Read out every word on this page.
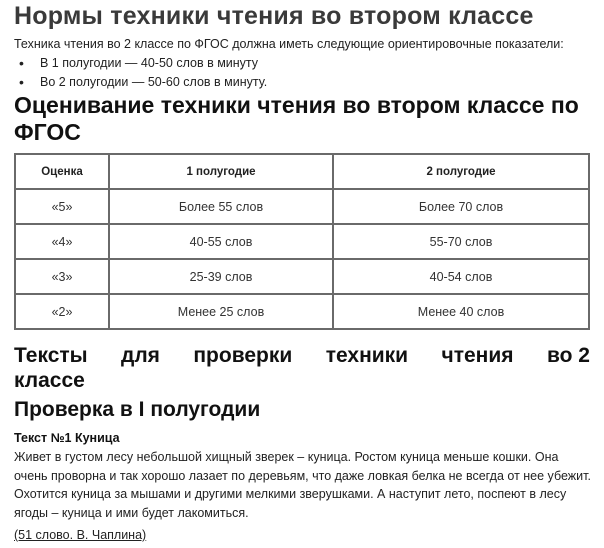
Нормы техники чтения во втором классе
Техника чтения во 2 классе по ФГОС должна иметь следующие ориентировочные показатели:
• В 1 полугодии — 40-50 слов в минуту
• Во 2 полугодии — 50-60 слов в минуту.
Оценивание техники чтения во втором классе по ФГОС
Оценка	1 полугодие	2 полугодие
«5»	Более 55 слов	Более 70 слов
«4»	40-55 слов	55-70 слов
«3»	25-39 слов	40-54 слов
«2»	Менее 25 слов	Менее 40 слов
Тексты для проверки техники чтения во 2
классе
Проверка в I полугодии
Текст №1 Куница
Живет в густом лесу небольшой хищный зверек – куница. Ростом куница меньше кошки. Она очень проворна и так хорошо лазает по деревьям, что даже ловкая белка не всегда от нее убежит. Охотится куница за мышами и другими мелкими зверушками. А наступит лето, поспеют в лесу ягоды – куница и ими будет лакомиться.
(51 слово. В. Чаплина)
